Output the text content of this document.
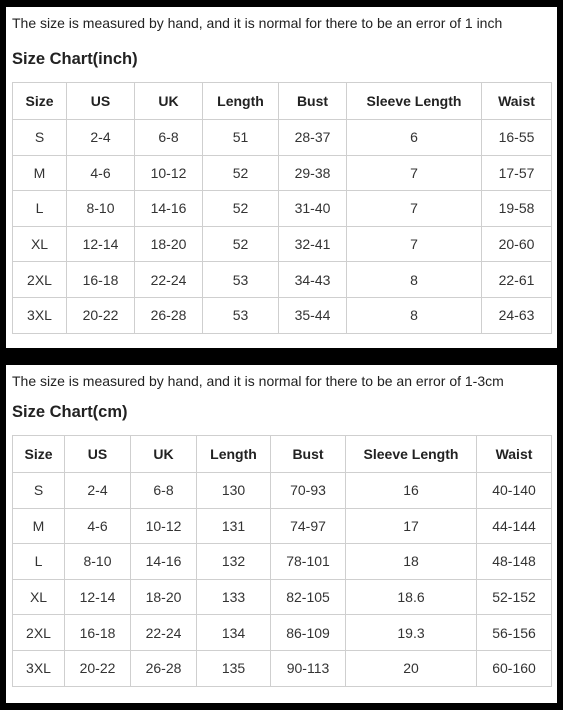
The size is measured by hand, and it is normal for there to be an error of 1 inch
Size Chart(inch)
Size	US	UK	Length	Bust	Sleeve Length	Waist
S	2-4	6-8	51	28-37	6	16-55
M	4-6	10-12	52	29-38	7	17-57
L	8-10	14-16	52	31-40	7	19-58
XL	12-14	18-20	52	32-41	7	20-60
2XL	16-18	22-24	53	34-43	8	22-61
3XL	20-22	26-28	53	35-44	8	24-63
The size is measured by hand, and it is normal for there to be an error of 1-3cm
Size Chart(cm)
Size	US	UK	Length	Bust	Sleeve Length	Waist
S	2-4	6-8	130	70-93	16	40-140
M	4-6	10-12	131	74-97	17	44-144
L	8-10	14-16	132	78-101	18	48-148
XL	12-14	18-20	133	82-105	18.6	52-152
2XL	16-18	22-24	134	86-109	19.3	56-156
3XL	20-22	26-28	135	90-113	20	60-160
